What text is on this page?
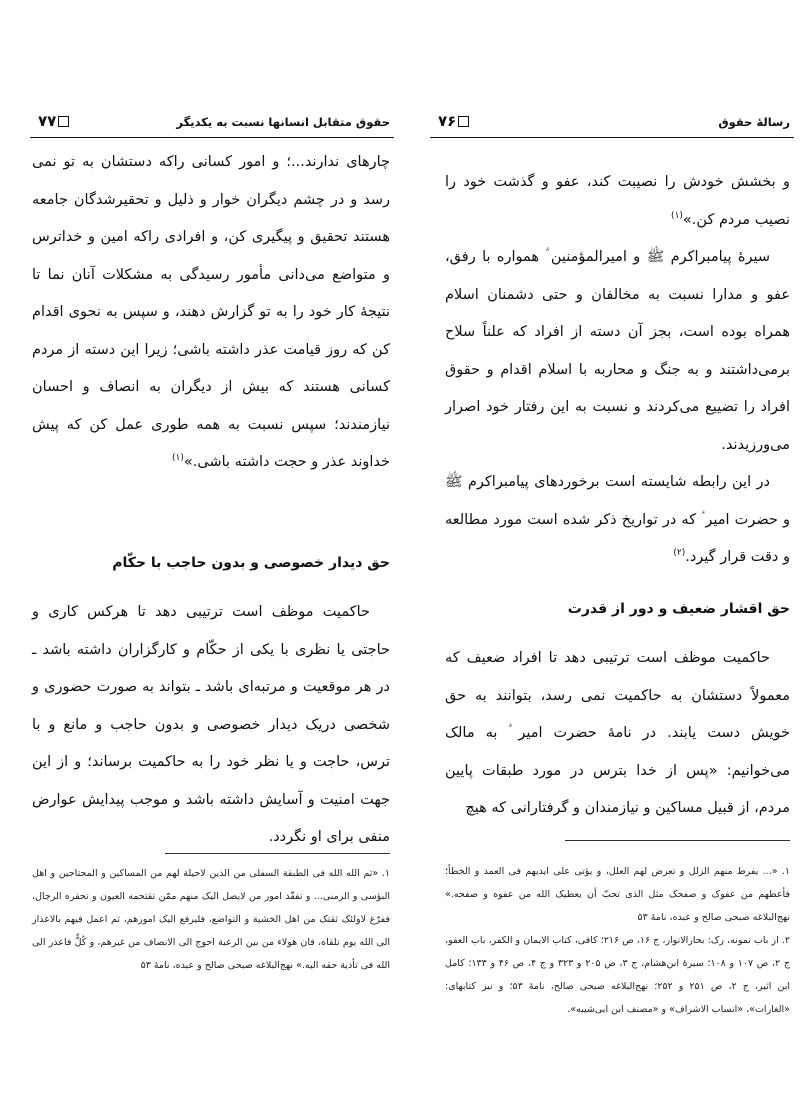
حقوق متقابل انسانها نسبت به یکدیگر
۷۷

چارهای ندارند...؛ و امور کسانی راکه دستشان به تو نمی رسد و در چشم دیگران خوار و ذلیل و تحقیرشدگان جامعه هستند تحقیق و پیگیری کن، و افرادی راکه امین و خداترس و متواضع می‌دانی مأمور رسیدگی به مشکلات آنان نما تا نتیجهٔ کار خود را به تو گزارش دهند، و سپس به نحوی اقدام کن که روز قیامت عذر داشته باشی؛ زیرا این دسته از مردم کسانی هستند که بیش از دیگران به انصاف و احسان نیازمندند؛ سپس نسبت به همه طوری عمل کن که پیش خداوند عذر و حجت داشته باشی.»$^{(۱)}$

حق دیدار خصوصی و بدون حاجب با حکّام

حاکمیت موظف است ترتیبی دهد تا هرکس کاری و حاجتی یا نظری با یکی از حکّام و کارگزاران داشته باشد ـ در هر موقعیت و مرتبه‌ای باشد ـ بتواند به صورت حضوری و شخصی دریک دیدار خصوصی و بدون حاجب و مانع و با ترس، حاجت و یا نظر خود را به حاکمیت برساند؛ و از این جهت امنیت و آسایش داشته باشد و موجب پیدایش عوارض منفی برای او نگردد.

۱. «ثم الله الله فی الطبقة السفلی من الذین لاحیلة لهم من المساکین و المحتاجین و اهل البؤسی و الزمنی... و تفقّد امور من لایصل الیک منهم ممّن تقتحمه العیون و تحقره الرجال، ففرّغ لاولئک ثقتک من اهل الخشیة و التواضع، فلیرفع الیک امورهم، ثم اعمل فیهم بالاعذار الی الله یوم تلقاه، فان هولاء من بین الرعیة احوج الی الانصاف من غیرهم، و کُلٌّ فاعذر الی الله فی تأدیة حقه الیه.» نهج‌البلاغه صبحی صالح و عبده، نامهٔ ۵۳

رسالهٔ حقوق
۷۶

و بخشش خودش را نصیبت کند، عفو و گذشت خود را نصیب مردم کن.»$^{(۱)}$

سیرهٔ پیامبراکرم ﷺ و امیرالمؤمنین ؑ همواره با رفق، عفو و مدارا نسبت به مخالفان و حتی دشمنان اسلام همراه بوده است، بجز آن دسته از افراد که علناً سلاح برمی‌داشتند و به جنگ و محاربه با اسلام اقدام و حقوق افراد را تضییع می‌کردند و نسبت به این رفتار خود اصرار می‌ورزیدند.

در این رابطه شایسته است برخوردهای پیامبراکرم ﷺ و حضرت امیر ؑ که در تواریخ ذکر شده است مورد مطالعه و دقت قرار گیرد.$^{(۲)}$

حق اقشار ضعیف و دور از قدرت

حاکمیت موظف است ترتیبی دهد تا افراد ضعیف که معمولاً دستشان به حاکمیت نمی رسد، بتوانند به حق خویش دست یابند. در نامهٔ حضرت امیر ؑ به مالک می‌خوانیم: «پس از خدا بترس در مورد طبقات پایین مردم، از قبیل مساکین و نیازمندان و گرفتارانی که هیچ

۱. «... یفرط منهم الزلل و تعرض لهم العلل، و یؤتی علی ایدیهم فی العمد و الخطأ؛ فأعطهم من عفوک و صفحک مثل الذی تحبّ أن یعطیک الله من عفوه و صفحه.» نهج‌البلاغه صبحی صالح و عبده، نامهٔ ۵۳

۲. از باب نمونه، رک: بحارالانوار، ج ۱۶، ص ۲۱۶؛ کافی، کتاب الایمان و الکفر، باب العفو، ج ۲، ص ۱۰۷ و ۱۰۸؛ سیرهٔ ابن‌هشام، ج ۳، ص ۲۰۵ و ۳۲۳ و ج ۴، ص ۴۶ و ۱۳۳؛ کامل ابن اثیر، ج ۲، ص ۲۵۱ و ۲۵۲؛ نهج‌البلاغه صبحی صالح، نامهٔ ۵۳؛ و نیز کتابهای: «الغارات»، «انساب الاشراف» و «مصنف ابن ابی‌شیبه».
